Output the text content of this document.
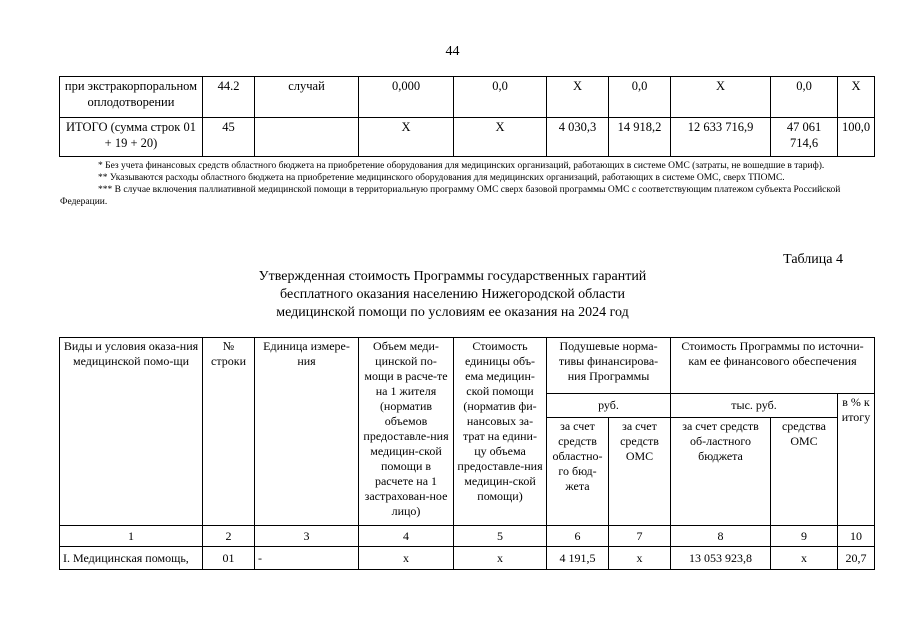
44
при экстракорпоральном оплодотворении	44.2	случай	0,000	0,0	X	0,0	X	0,0	X
ИТОГО (сумма строк 01 + 19 + 20)	45		X	X	4 030,3	14 918,2	12 633 716,9	47 061 714,6	100,0

* Без учета финансовых средств областного бюджета на приобретение оборудования для медицинских организаций, работающих в системе ОМС (затраты, не вошедшие в тариф).

** Указываются расходы областного бюджета на приобретение медицинского оборудования для медицинских организаций, работающих в системе ОМС, сверх ТПОМС.

*** В случае включения паллиативной медицинской помощи в территориальную программу ОМС сверх базовой программы ОМС с соответствующим платежом субъекта Российской Федерации.

Таблица 4
Утвержденная стоимость Программы государственных гарантий
бесплатного оказания населению Нижегородской области
медицинской помощи по условиям ее оказания на 2024 год
Виды и условия оказа-ния медицинской помо-щи	№ строки	Единица измере-ния	Объем меди-цинской по-мощи в расче-те на 1 жителя (норматив объемов предоставле-ния медицин-ской помощи в расчете на 1 застрахован-ное лицо)	Стоимость единицы объ-ема медицин-ской помощи (норматив фи-нансовых за-трат на едини-цу объема предоставле-ния медицин-ской помощи)	Подушевые норма-тивы финансирова-ния Программы		Стоимость Программы по источни-кам ее финансового обеспечения		
					руб.		тыс. руб.		в % к итогу
					за счет средств областно-го бюд-жета	за счет средств ОМС	за счет средств об-ластного бюджета	средства ОМС	
1	2	3	4	5	6	7	8	9	10
I. Медицинская помощь,	01	-	х	х	4 191,5	х	13 053 923,8	х	20,7
